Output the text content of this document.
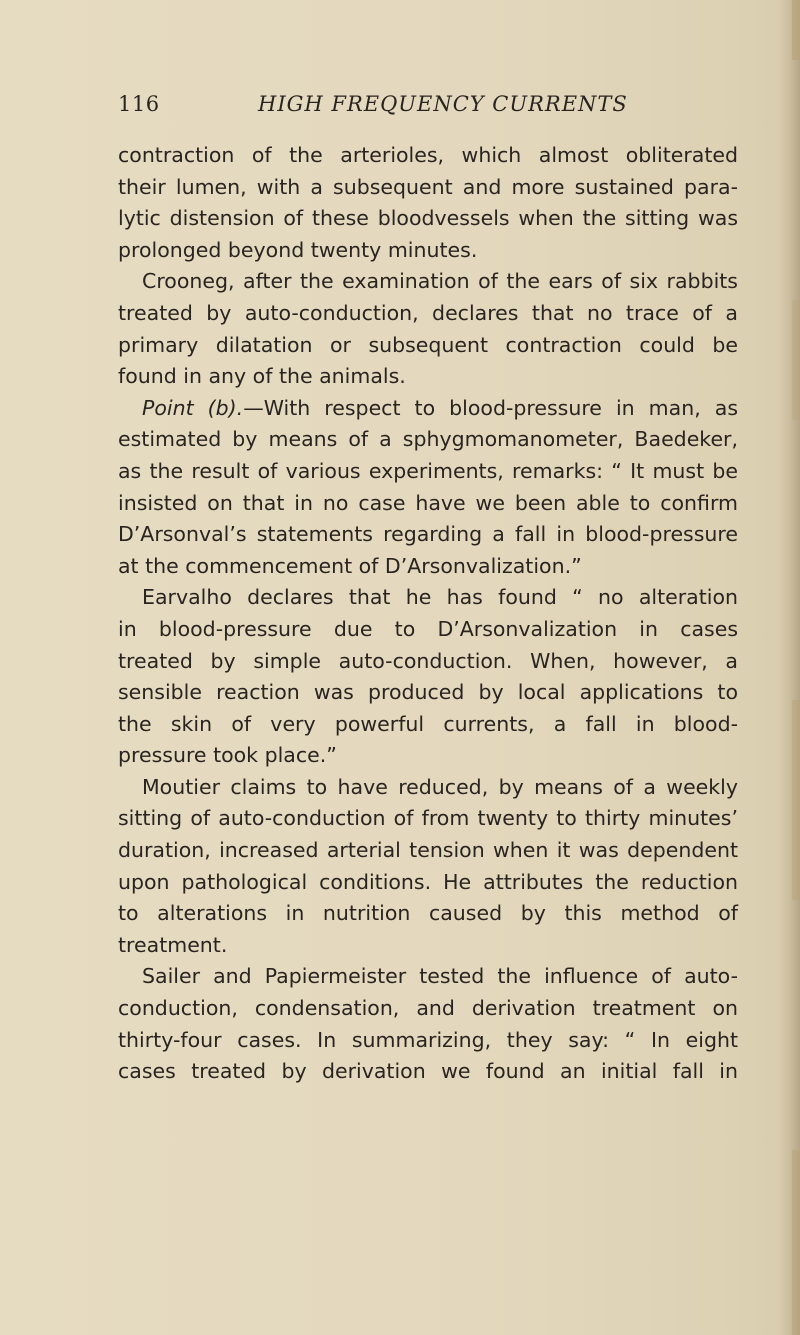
116	HIGH FREQUENCY CURRENTS
contraction of the arterioles, which almost obliterated
their lumen, with a subsequent and more sustained para-
lytic distension of these bloodvessels when the sitting was
prolonged beyond twenty minutes.
Crooneg, after the examination of the ears of six rabbits
treated by auto-conduction, declares that no trace of a
primary dilatation or subsequent contraction could be
found in any of the animals.
Point (b).—With respect to blood-pressure in man, as
estimated by means of a sphygmomanometer, Baedeker,
as the result of various experiments, remarks: “ It must be
insisted on that in no case have we been able to confirm
D’Arsonval’s statements regarding a fall in blood-pressure
at the commencement of D’Arsonvalization.”
Earvalho declares that he has found “ no alteration
in blood-pressure due to D’Arsonvalization in cases
treated by simple auto-conduction. When, however, a
sensible reaction was produced by local applications to
the skin of very powerful currents, a fall in blood-
pressure took place.”
Moutier claims to have reduced, by means of a weekly
sitting of auto-conduction of from twenty to thirty minutes’
duration, increased arterial tension when it was dependent
upon pathological conditions. He attributes the reduction
to alterations in nutrition caused by this method of
treatment.
Sailer and Papiermeister tested the influence of auto-
conduction, condensation, and derivation treatment on
thirty-four cases. In summarizing, they say: “ In eight
cases treated by derivation we found an initial fall in
